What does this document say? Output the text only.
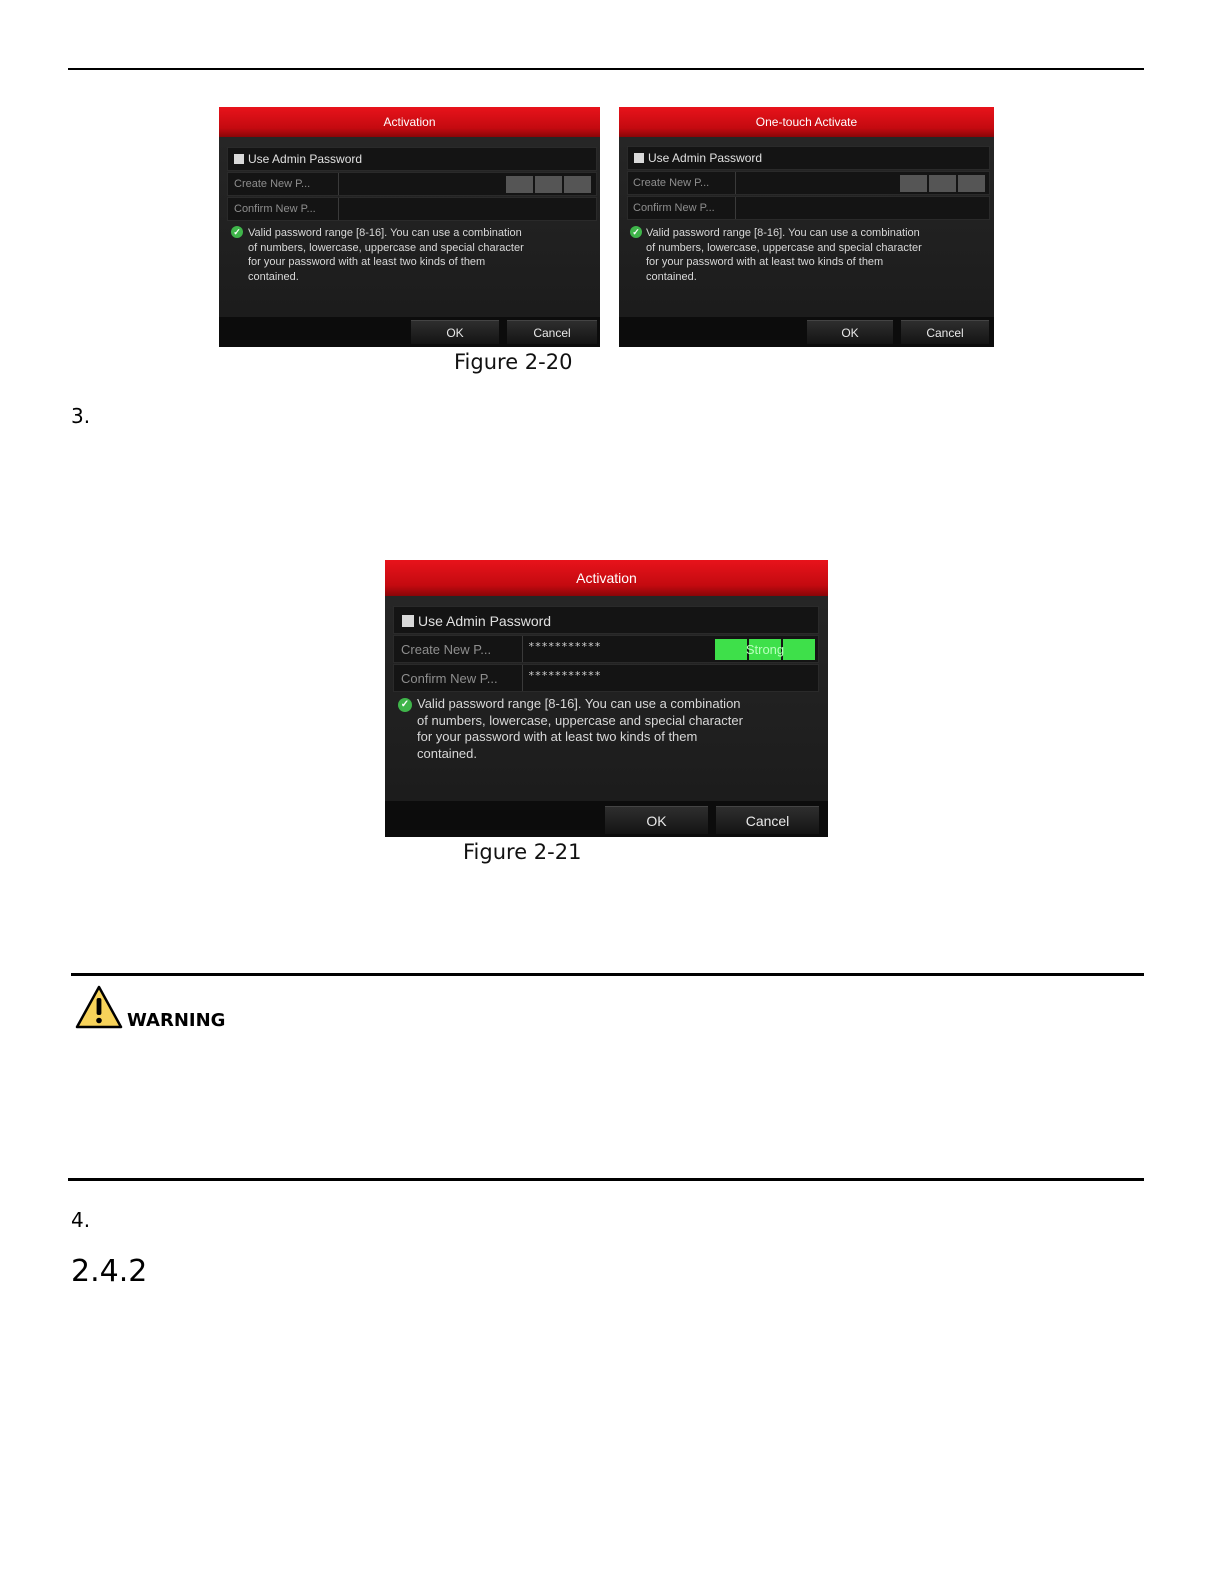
Activation
Use Admin Password
Create New P...
Confirm New P...
✓ Valid password range [8-16]. You can use a combination
of numbers, lowercase, uppercase and special character
for your password with at least two kinds of them
contained.
OK	Cancel
One-touch Activate
Use Admin Password
Create New P...
Confirm New P...
✓ Valid password range [8-16]. You can use a combination
of numbers, lowercase, uppercase and special character
for your password with at least two kinds of them
contained.
OK	Cancel
Figure 2-20
3.
Activation
Use Admin Password
Create New P...	***********	Strong
Confirm New P...	***********
✓ Valid password range [8-16]. You can use a combination
of numbers, lowercase, uppercase and special character
for your password with at least two kinds of them
contained.
OK	Cancel
Figure 2-21
WARNING
4.
2.4.2
